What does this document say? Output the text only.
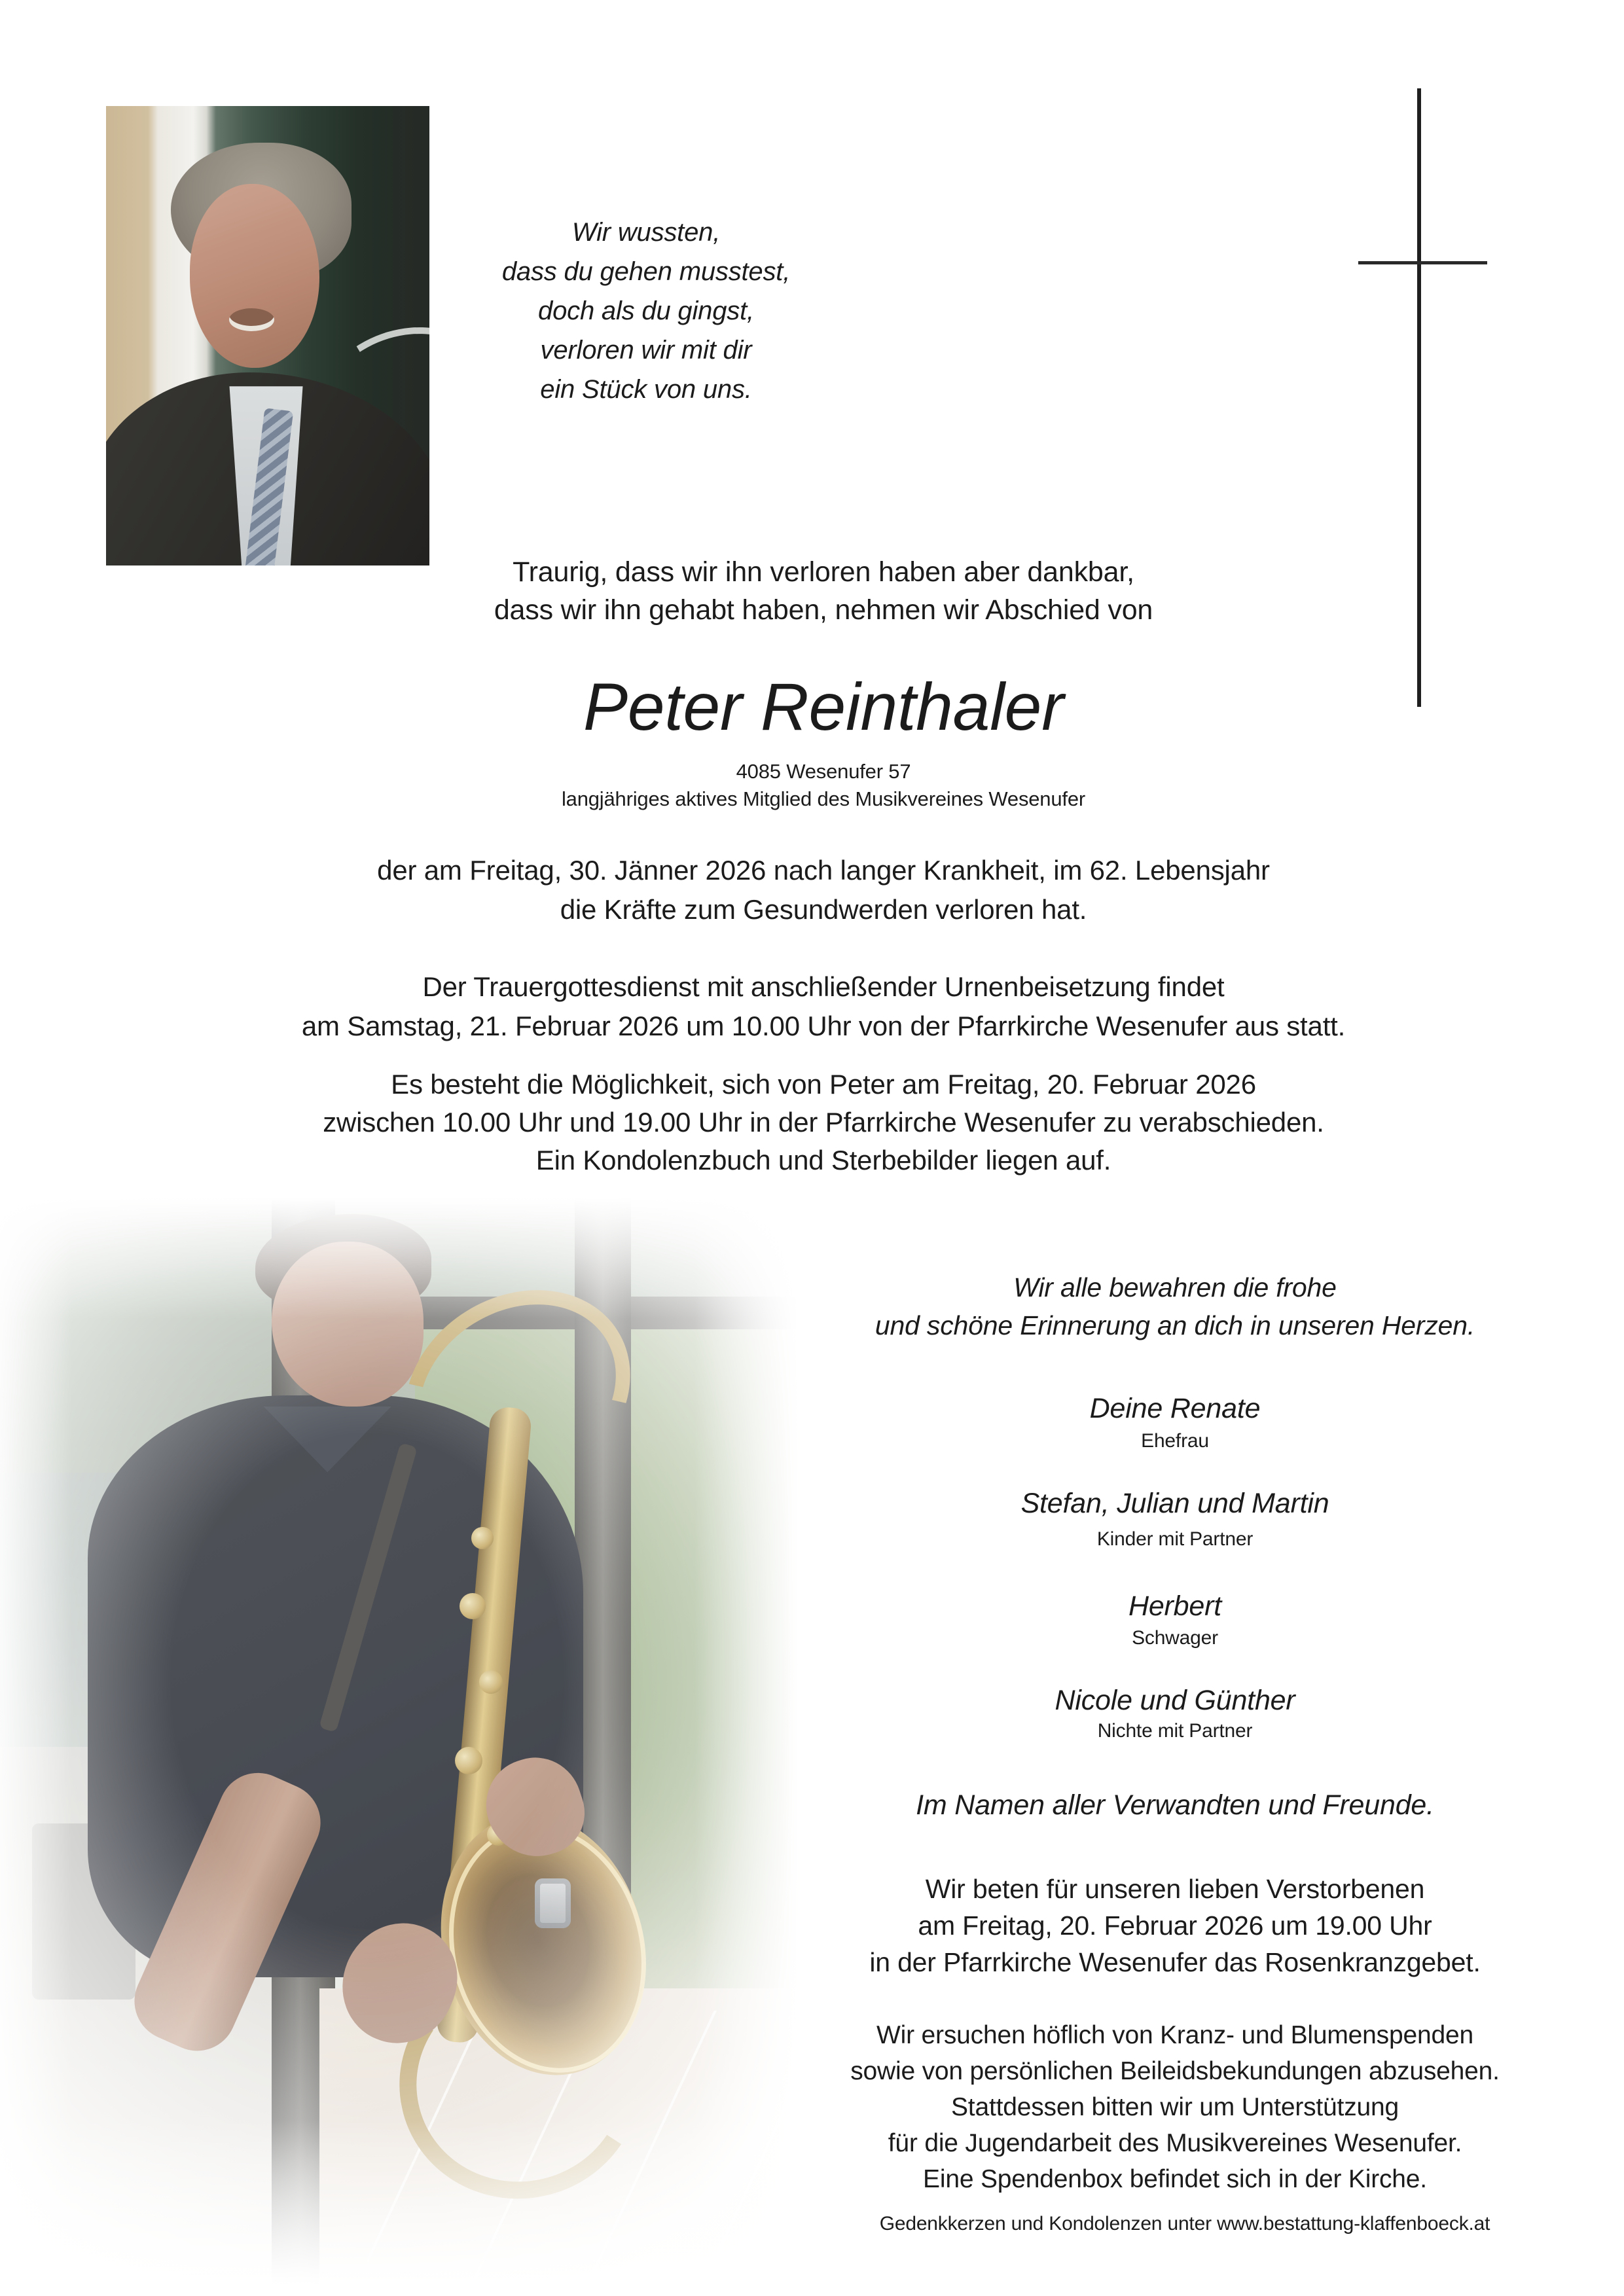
Wir wussten,
dass du gehen musstest,
doch als du gingst,
verloren wir mit dir
ein Stück von uns.
Traurig, dass wir ihn verloren haben aber dankbar,
dass wir ihn gehabt haben, nehmen wir Abschied von
Peter Reinthaler
4085 Wesenufer 57
langjähriges aktives Mitglied des Musikvereines Wesenufer
der am Freitag, 30. Jänner 2026 nach langer Krankheit, im 62. Lebensjahr
die Kräfte zum Gesundwerden verloren hat.
Der Trauergottesdienst mit anschließender Urnenbeisetzung findet
am Samstag, 21. Februar 2026 um 10.00 Uhr von der Pfarrkirche Wesenufer aus statt.
Es besteht die Möglichkeit, sich von Peter am Freitag, 20. Februar 2026
zwischen 10.00 Uhr und 19.00 Uhr in der Pfarrkirche Wesenufer zu verabschieden.
Ein Kondolenzbuch und Sterbebilder liegen auf.
Wir alle bewahren die frohe
und schöne Erinnerung an dich in unseren Herzen.
Deine Renate
Ehefrau
Stefan, Julian und Martin
Kinder mit Partner
Herbert
Schwager
Nicole und Günther
Nichte mit Partner
Im Namen aller Verwandten und Freunde.
Wir beten für unseren lieben Verstorbenen
am Freitag, 20. Februar 2026 um 19.00 Uhr
in der Pfarrkirche Wesenufer das Rosenkranzgebet.
Wir ersuchen höflich von Kranz- und Blumenspenden
sowie von persönlichen Beileidsbekundungen abzusehen.
Stattdessen bitten wir um Unterstützung
für die Jugendarbeit des Musikvereines Wesenufer.
Eine Spendenbox befindet sich in der Kirche.
Gedenkkerzen und Kondolenzen unter www.bestattung-klaffenboeck.at
